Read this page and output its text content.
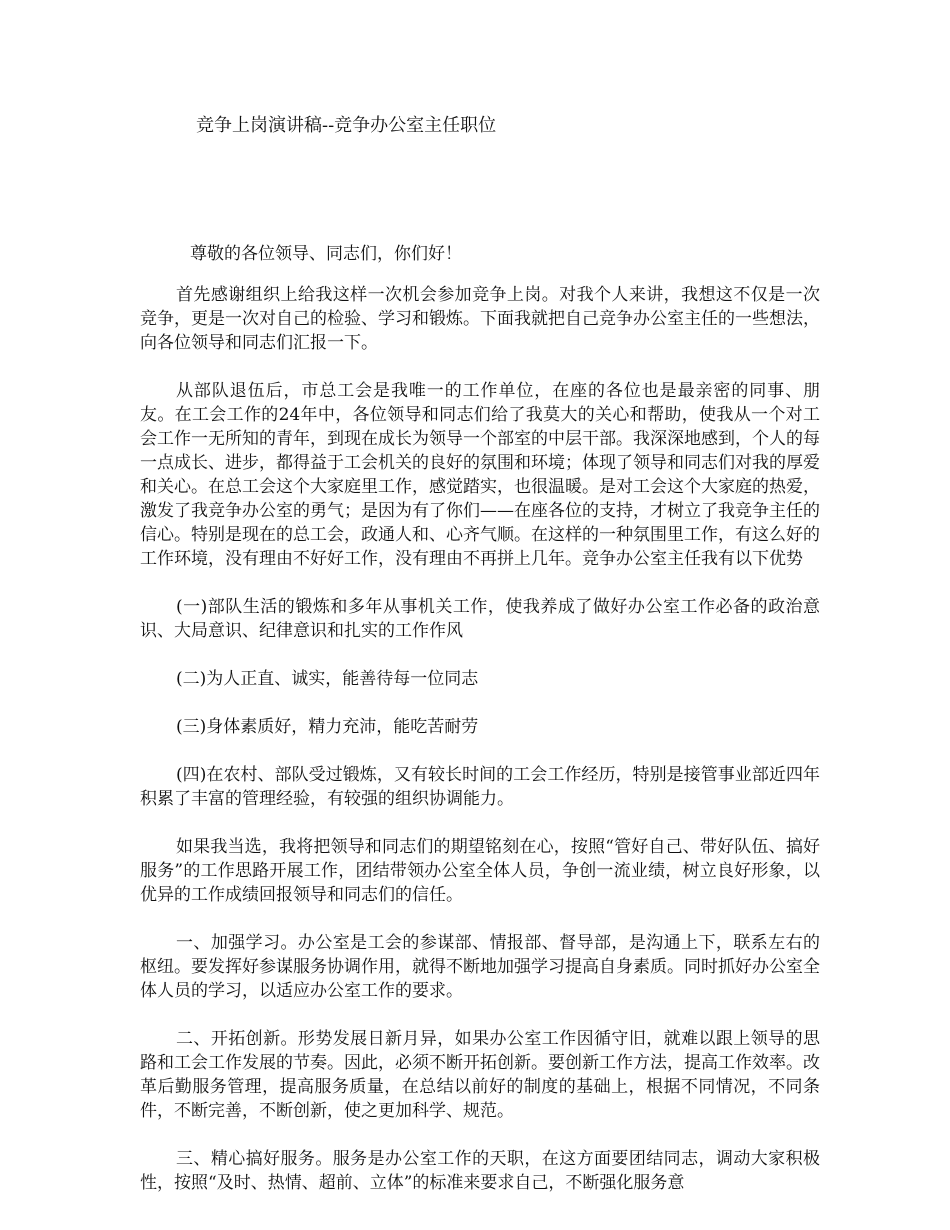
竞争上岗演讲稿--竞争办公室主任职位

尊敬的各位领导、同志们，你们好！

首先感谢组织上给我这样一次机会参加竞争上岗。对我个人来讲，我想这不仅是一次竞争，更是一次对自己的检验、学习和锻炼。下面我就把自己竞争办公室主任的一些想法，向各位领导和同志们汇报一下。

从部队退伍后，市总工会是我唯一的工作单位，在座的各位也是最亲密的同事、朋友。在工会工作的24年中，各位领导和同志们给了我莫大的关心和帮助，使我从一个对工会工作一无所知的青年，到现在成长为领导一个部室的中层干部。我深深地感到，个人的每一点成长、进步，都得益于工会机关的良好的氛围和环境；体现了领导和同志们对我的厚爱和关心。在总工会这个大家庭里工作，感觉踏实，也很温暖。是对工会这个大家庭的热爱，激发了我竞争办公室的勇气；是因为有了你们——在座各位的支持，才树立了我竞争主任的信心。特别是现在的总工会，政通人和、心齐气顺。在这样的一种氛围里工作，有这么好的工作环境，没有理由不好好工作，没有理由不再拼上几年。竞争办公室主任我有以下优势

(一)部队生活的锻炼和多年从事机关工作，使我养成了做好办公室工作必备的政治意识、大局意识、纪律意识和扎实的工作作风

(二)为人正直、诚实，能善待每一位同志

(三)身体素质好，精力充沛，能吃苦耐劳

(四)在农村、部队受过锻炼，又有较长时间的工会工作经历，特别是接管事业部近四年积累了丰富的管理经验，有较强的组织协调能力。

如果我当选，我将把领导和同志们的期望铭刻在心，按照“管好自己、带好队伍、搞好服务”的工作思路开展工作，团结带领办公室全体人员，争创一流业绩，树立良好形象，以优异的工作成绩回报领导和同志们的信任。

一、加强学习。办公室是工会的参谋部、情报部、督导部，是沟通上下，联系左右的枢纽。要发挥好参谋服务协调作用，就得不断地加强学习提高自身素质。同时抓好办公室全体人员的学习，以适应办公室工作的要求。

二、开拓创新。形势发展日新月异，如果办公室工作因循守旧，就难以跟上领导的思路和工会工作发展的节奏。因此，必须不断开拓创新。要创新工作方法，提高工作效率。改革后勤服务管理，提高服务质量，在总结以前好的制度的基础上，根据不同情况，不同条件，不断完善，不断创新，使之更加科学、规范。

三、精心搞好服务。服务是办公室工作的天职，在这方面要团结同志，调动大家积极性，按照“及时、热情、超前、立体”的标准来要求自己，不断强化服务意
